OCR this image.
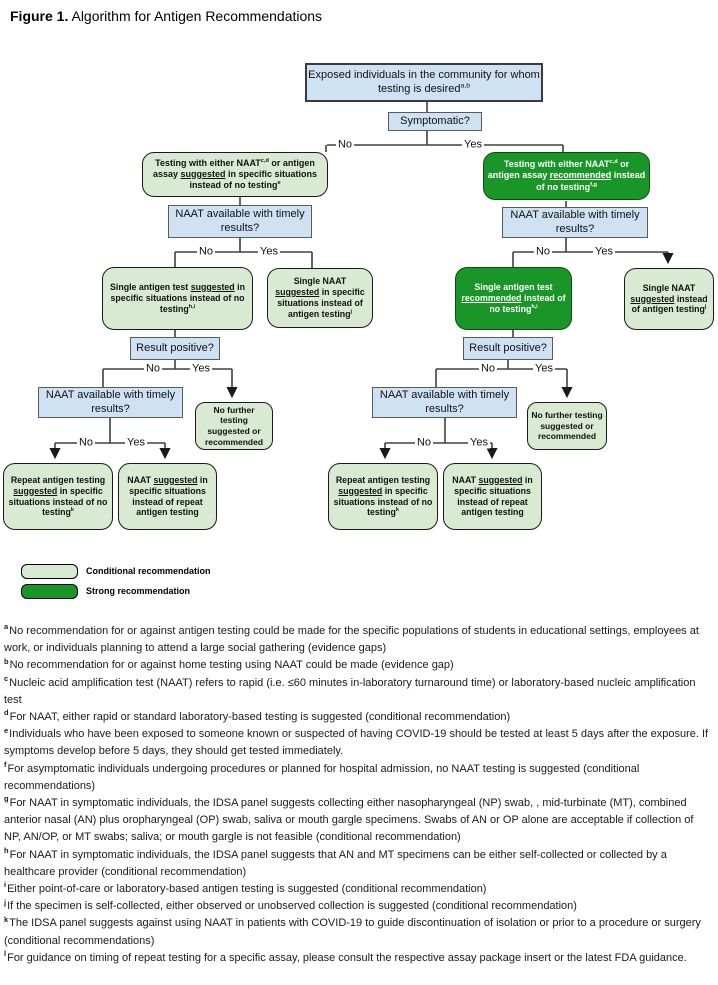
Figure 1. Algorithm for Antigen Recommendations
Exposed individuals in the community for whom testing is desired$^{a,b}$
Symptomatic?
Testing with either NAAT$^{c,d}$ or antigen assay suggested in specific situations instead of no testing$^e$
Testing with either NAAT$^{c,d}$ or antigen assay recommended instead of no testing$^{f,g}$
NAAT available with timely results?
NAAT available with timely results?
Single antigen test suggested in specific situations instead of no testing$^{h,i}$
Single NAAT suggested in specific situations instead of antigen testing$^j$
Single antigen test recommended instead of no testing$^{h,i}$
Single NAAT suggested instead of antigen testing$^j$
Result positive?	Result positive?
NAAT available with timely results?
NAAT available with timely results?
No further testing suggested or recommended
No further testing suggested or recommended
Repeat antigen testing suggested in specific situations instead of no testing$^k$
NAAT suggested in specific situations instead of repeat antigen testing
Repeat antigen testing suggested in specific situations instead of no testing$^k$
NAAT suggested in specific situations instead of repeat antigen testing
No	Yes
No	Yes	No	Yes
No	Yes	No	Yes
No	Yes	No	Yes
Conditional recommendation
Strong recommendation
$^a$No recommendation for or against antigen testing could be made for the specific populations of students in educational settings, employees at work, or individuals planning to attend a large social gathering (evidence gaps)
$^b$No recommendation for or against home testing using NAAT could be made (evidence gap)
$^c$Nucleic acid amplification test (NAAT) refers to rapid (i.e. ≤60 minutes in-laboratory turnaround time) or laboratory-based nucleic amplification test
$^d$For NAAT, either rapid or standard laboratory-based testing is suggested (conditional recommendation)
$^e$Individuals who have been exposed to someone known or suspected of having COVID-19 should be tested at least 5 days after the exposure. If symptoms develop before 5 days, they should get tested immediately.
$^f$For asymptomatic individuals undergoing procedures or planned for hospital admission, no NAAT testing is suggested (conditional recommendations)
$^g$For NAAT in symptomatic individuals, the IDSA panel suggests collecting either nasopharyngeal (NP) swab, , mid-turbinate (MT), combined anterior nasal (AN) plus oropharyngeal (OP) swab, saliva or mouth gargle specimens. Swabs of AN or OP alone are acceptable if collection of NP, AN/OP, or MT swabs; saliva; or mouth gargle is not feasible (conditional recommendation)
$^h$For NAAT in symptomatic individuals, the IDSA panel suggests that AN and MT specimens can be either self-collected or collected by a healthcare provider (conditional recommendation)
$^i$Either point-of-care or laboratory-based antigen testing is suggested (conditional recommendation)
$^j$If the specimen is self-collected, either observed or unobserved collection is suggested (conditional recommendation)
$^k$The IDSA panel suggests against using NAAT in patients with COVID-19 to guide discontinuation of isolation or prior to a procedure or surgery (conditional recommendations)
$^l$For guidance on timing of repeat testing for a specific assay, please consult the respective assay package insert or the latest FDA guidance.
